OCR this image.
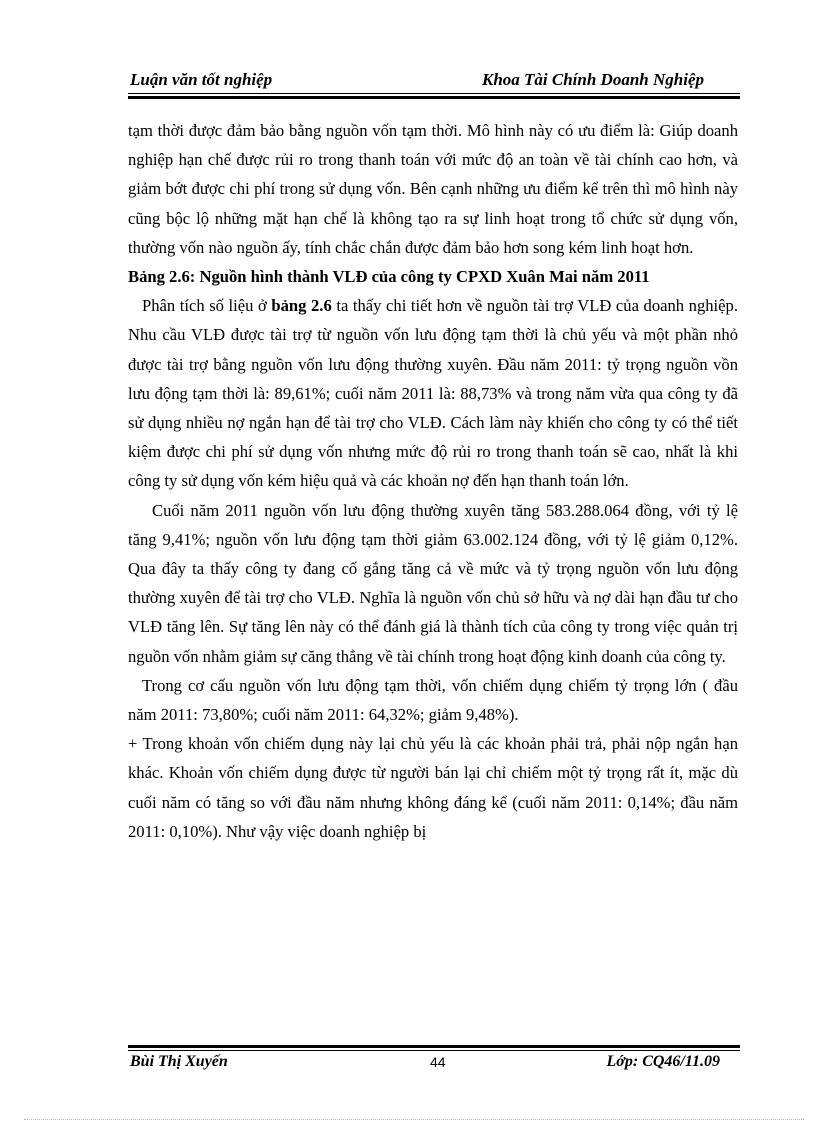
Luận văn tốt nghiệp	Khoa Tài Chính Doanh Nghiệp

tạm thời được đảm bảo bằng nguồn vốn tạm thời. Mô hình này có ưu điểm là: Giúp doanh nghiệp hạn chế được rủi ro trong thanh toán với mức độ an toàn về tài chính cao hơn, và giảm bớt được chi phí trong sử dụng vốn. Bên cạnh những ưu điểm kể trên thì mô hình này cũng bộc lộ những mặt hạn chế là không tạo ra sự linh hoạt trong tổ chức sử dụng vốn, thường vốn nào nguồn ấy, tính chắc chắn được đảm bảo hơn song kém linh hoạt hơn.

Bảng 2.6: Nguồn hình thành VLĐ của công ty CPXD Xuân Mai năm 2011

Phân tích số liệu ở bảng 2.6 ta thấy chi tiết hơn về nguồn tài trợ VLĐ của doanh nghiệp. Nhu cầu VLĐ được tài trợ từ nguồn vốn lưu động tạm thời là chủ yếu và một phần nhỏ được tài trợ bằng nguồn vốn lưu động thường xuyên. Đầu năm 2011: tỷ trọng nguồn vồn lưu động tạm thời là: 89,61%; cuối năm 2011 là: 88,73% và trong năm vừa qua công ty đã sử dụng nhiều nợ ngắn hạn để tài trợ cho VLĐ. Cách làm này khiến cho công ty có thể tiết kiệm được chi phí sử dụng vốn nhưng mức độ rủi ro trong thanh toán sẽ cao, nhất là khi công ty sử dụng vốn kém hiệu quả và các khoản nợ đến hạn thanh toán lớn.

Cuối năm 2011 nguồn vốn lưu động thường xuyên tăng 583.288.064 đồng, với tỷ lệ tăng 9,41%; nguồn vốn lưu động tạm thời giảm 63.002.124 đồng, với tỷ lệ giảm 0,12%. Qua đây ta thấy công ty đang cố gắng tăng cả về mức và tỷ trọng nguồn vốn lưu động thường xuyên để tài trợ cho VLĐ. Nghĩa là nguồn vốn chủ sở hữu và nợ dài hạn đầu tư cho VLĐ tăng lên. Sự tăng lên này có thể đánh giá là thành tích của công ty trong việc quản trị nguồn vốn nhằm giảm sự căng thẳng về tài chính trong hoạt động kinh doanh của công ty.

Trong cơ cấu nguồn vốn lưu động tạm thời, vốn chiếm dụng chiếm tỷ trọng lớn ( đầu năm 2011: 73,80%; cuối năm 2011: 64,32%; giảm 9,48%).

+ Trong khoản vốn chiếm dụng này lại chủ yếu là các khoản phải trả, phải nộp ngắn hạn khác. Khoản vốn chiếm dụng được từ người bán lại chỉ chiếm một tỷ trọng rất ít, mặc dù cuối năm có tăng so với đầu năm nhưng không đáng kể (cuối năm 2011: 0,14%; đầu năm 2011: 0,10%). Như vậy việc doanh nghiệp bị

Bùi Thị Xuyến	44	Lớp: CQ46/11.09
